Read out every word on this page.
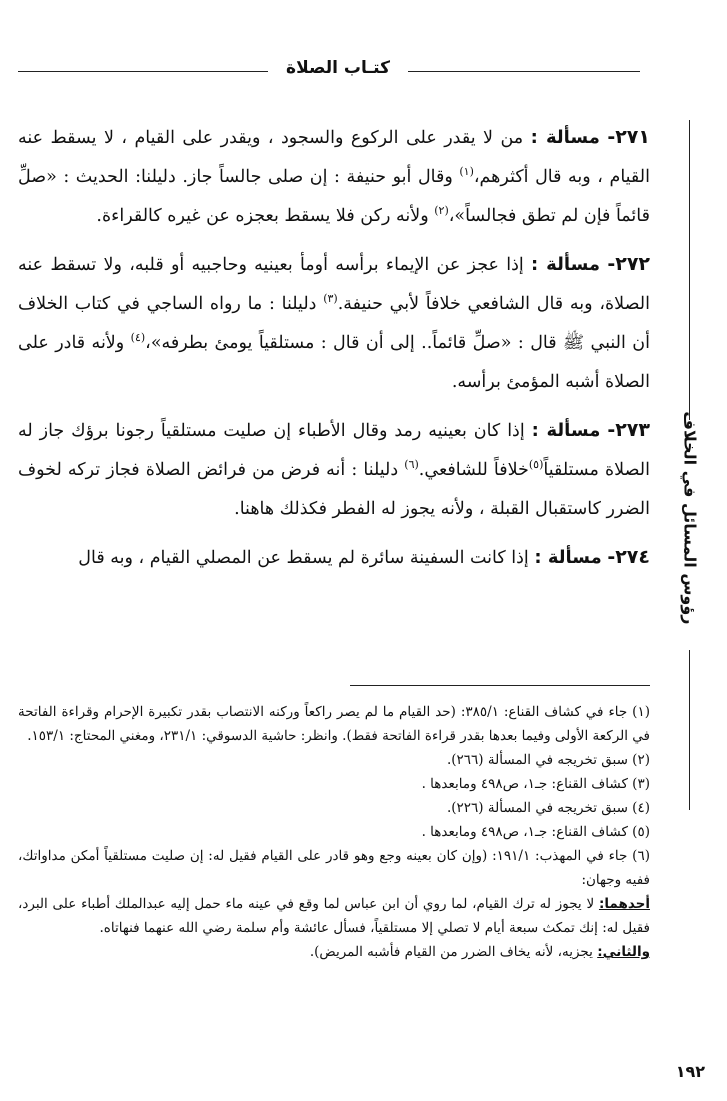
كتـاب الصلاة
رؤوس المسائل في الخلاف

٢٧١- مسألة : من لا يقدر على الركوع والسجود ، ويقدر على القيام ، لا يسقط عنه القيام ، وبه قال أكثرهم،$^{(١)}$ وقال أبو حنيفة : إن صلى جالساً جاز. دليلنا: الحديث : «صلِّ قائماً فإن لم تطق فجالساً»،$^{(٢)}$ ولأنه ركن فلا يسقط بعجزه عن غيره كالقراءة.

٢٧٢- مسألة : إذا عجز عن الإيماء برأسه أومأ بعينيه وحاجبيه أو قلبه، ولا تسقط عنه الصلاة، وبه قال الشافعي خلافاً لأبي حنيفة.$^{(٣)}$ دليلنا : ما رواه الساجي في كتاب الخلاف أن النبي ﷺ قال : «صلِّ قائماً.. إلى أن قال : مستلقياً يومئ بطرفه»،$^{(٤)}$ ولأنه قادر على الصلاة أشبه المؤمئ برأسه.

٢٧٣- مسألة : إذا كان بعينيه رمد وقال الأطباء إن صليت مستلقياً رجونا برؤك جاز له الصلاة مستلقياً$^{(٥)}$خلافاً للشافعي.$^{(٦)}$ دليلنا : أنه فرض من فرائض الصلاة فجاز تركه لخوف الضرر كاستقبال القبلة ، ولأنه يجوز له الفطر فكذلك هاهنا.

٢٧٤- مسألة : إذا كانت السفينة سائرة لم يسقط عن المصلي القيام ، وبه قال

(١) جاء في كشاف القناع: ٣٨٥/١: (حد القيام ما لم يصر راكعاً وركنه الانتصاب بقدر تكبيرة الإحرام وقراءة الفاتحة في الركعة الأولى وفيما بعدها بقدر قراءة الفاتحة فقط). وانظر: حاشية الدسوقي: ٢٣١/١، ومغني المحتاج: ١٥٣/١.

(٢) سبق تخريجه في المسألة (٢٦٦).

(٣) كشاف القناع: جـ١، ص٤٩٨ ومابعدها .

(٤) سبق تخريجه في المسألة (٢٢٦).

(٥) كشاف القناع: جـ١، ص٤٩٨ ومابعدها .

(٦) جاء في المهذب: ١٩١/١: (وإن كان بعينه وجع وهو قادر على القيام فقيل له: إن صليت مستلقياً أمكن مداواتك، ففيه وجهان:

أحدهما: لا يجوز له ترك القيام، لما روي أن ابن عباس لما وقع في عينه ماء حمل إليه عبدالملك أطباء على البرد، فقيل له: إنك تمكث سبعة أيام لا تصلي إلا مستلقياً، فسأل عائشة وأم سلمة رضي الله عنهما فنهاتاه.

والثاني: يجزيه، لأنه يخاف الضرر من القيام فأشبه المريض).

١٩٢
